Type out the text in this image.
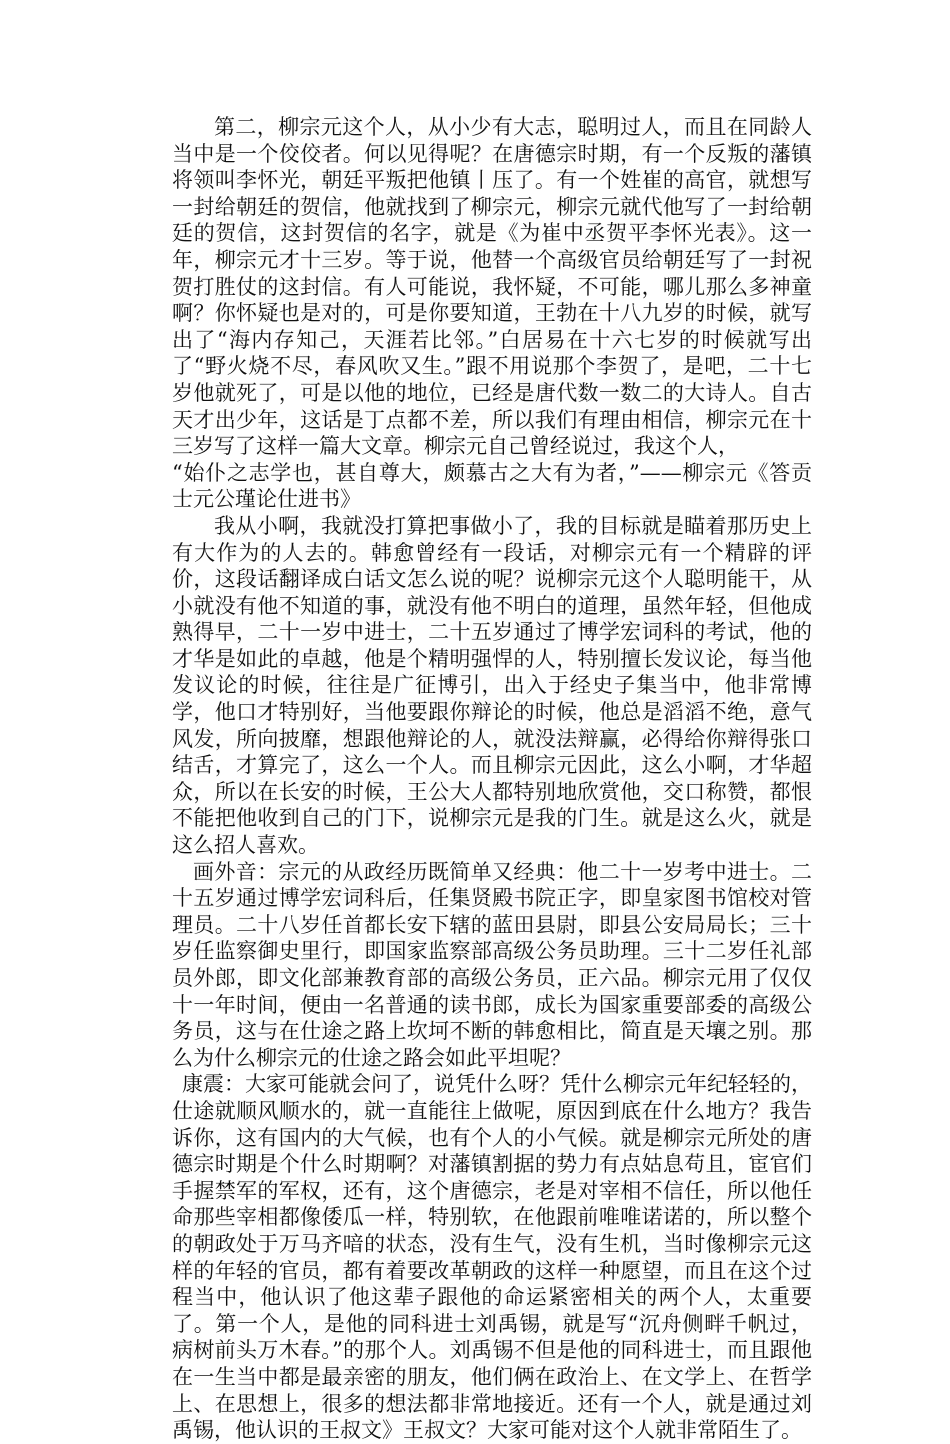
第二，柳宗元这个人，从小少有大志，聪明过人，而且在同龄人当中是一个佼佼者。何以见得呢？在唐德宗时期，有一个反叛的藩镇将领叫李怀光，朝廷平叛把他镇丨压了。有一个姓崔的高官，就想写一封给朝廷的贺信，他就找到了柳宗元，柳宗元就代他写了一封给朝廷的贺信，这封贺信的名字，就是《为崔中丞贺平李怀光表》。这一年，柳宗元才十三岁。等于说，他替一个高级官员给朝廷写了一封祝贺打胜仗的这封信。有人可能说，我怀疑，不可能，哪儿那么多神童啊？你怀疑也是对的，可是你要知道，王勃在十八九岁的时候，就写出了“海内存知己，天涯若比邻。”白居易在十六七岁的时候就写出了“野火烧不尽，春风吹又生。”跟不用说那个李贺了，是吧，二十七岁他就死了，可是以他的地位，已经是唐代数一数二的大诗人。自古天才出少年，这话是丁点都不差，所以我们有理由相信，柳宗元在十三岁写了这样一篇大文章。柳宗元自己曾经说过，我这个人，

“始仆之志学也，甚自尊大，颇慕古之大有为者，”——柳宗元《答贡士元公瑾论仕进书》

我从小啊，我就没打算把事做小了，我的目标就是瞄着那历史上有大作为的人去的。韩愈曾经有一段话，对柳宗元有一个精辟的评价，这段话翻译成白话文怎么说的呢？说柳宗元这个人聪明能干，从小就没有他不知道的事，就没有他不明白的道理，虽然年轻，但他成熟得早，二十一岁中进士，二十五岁通过了博学宏词科的考试，他的才华是如此的卓越，他是个精明强悍的人，特别擅长发议论，每当他发议论的时候，往往是广征博引，出入于经史子集当中，他非常博学，他口才特别好，当他要跟你辩论的时候，他总是滔滔不绝，意气风发，所向披靡，想跟他辩论的人，就没法辩赢，必得给你辩得张口结舌，才算完了，这么一个人。而且柳宗元因此，这么小啊，才华超众，所以在长安的时候，王公大人都特别地欣赏他，交口称赞，都恨不能把他收到自己的门下，说柳宗元是我的门生。就是这么火，就是这么招人喜欢。

画外音：宗元的从政经历既简单又经典：他二十一岁考中进士。二十五岁通过博学宏词科后，任集贤殿书院正字，即皇家图书馆校对管理员。二十八岁任首都长安下辖的蓝田县尉，即县公安局局长；三十岁任监察御史里行，即国家监察部高级公务员助理。三十二岁任礼部员外郎，即文化部兼教育部的高级公务员，正六品。柳宗元用了仅仅十一年时间，便由一名普通的读书郎，成长为国家重要部委的高级公务员，这与在仕途之路上坎坷不断的韩愈相比，简直是天壤之别。那么为什么柳宗元的仕途之路会如此平坦呢？

康震：大家可能就会问了，说凭什么呀？凭什么柳宗元年纪轻轻的，仕途就顺风顺水的，就一直能往上做呢，原因到底在什么地方？我告诉你，这有国内的大气候，也有个人的小气候。就是柳宗元所处的唐德宗时期是个什么时期啊？对藩镇割据的势力有点姑息苟且，宦官们手握禁军的军权，还有，这个唐德宗，老是对宰相不信任，所以他任命那些宰相都像倭瓜一样，特别软，在他跟前唯唯诺诺的，所以整个的朝政处于万马齐喑的状态，没有生气，没有生机，当时像柳宗元这样的年轻的官员，都有着要改革朝政的这样一种愿望，而且在这个过程当中，他认识了他这辈子跟他的命运紧密相关的两个人，太重要了。第一个人，是他的同科进士刘禹锡，就是写“沉舟侧畔千帆过，病树前头万木春。”的那个人。刘禹锡不但是他的同科进士，而且跟他在一生当中都是最亲密的朋友，他们俩在政治上、在文学上、在哲学上、在思想上，很多的想法都非常地接近。还有一个人，就是通过刘禹锡，他认识的王叔文》王叔文？大家可能对这个人就非常陌生了。
